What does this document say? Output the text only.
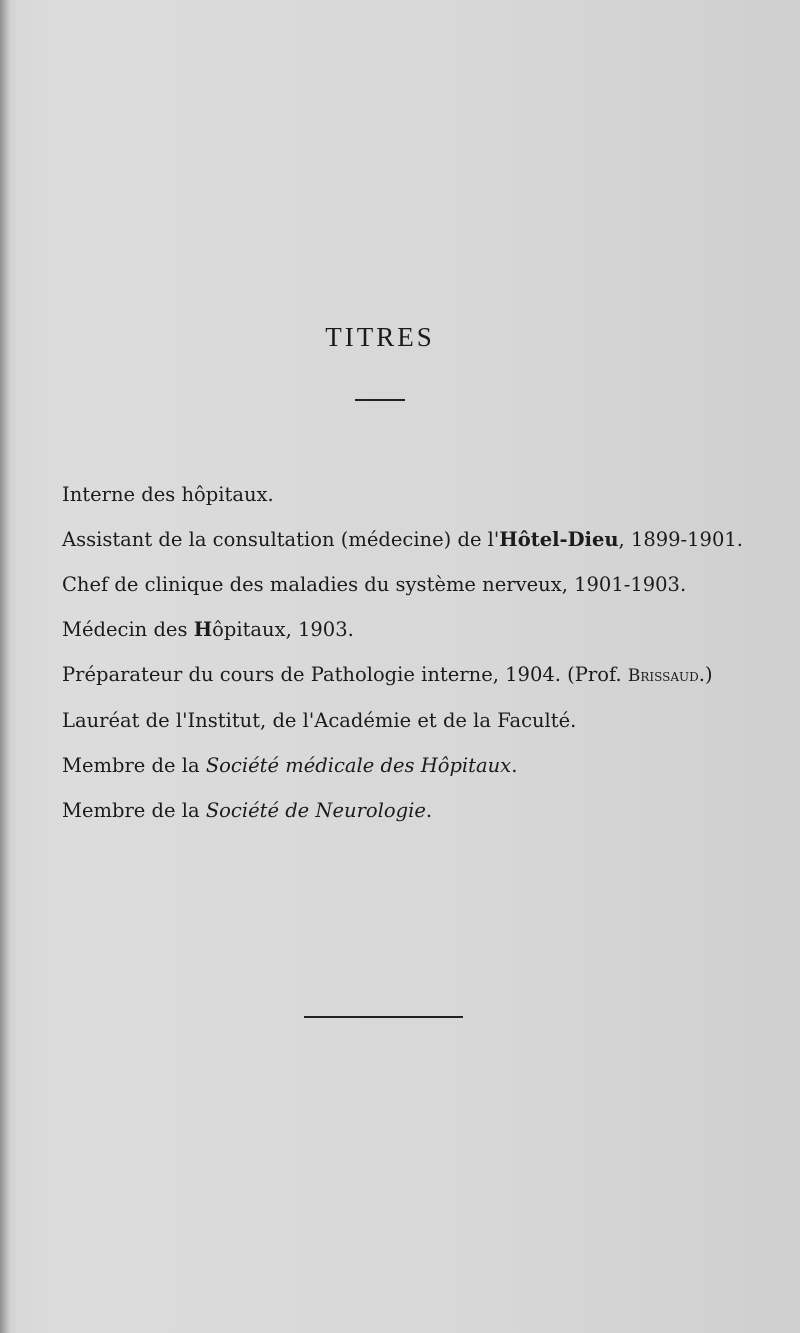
TITRES
Interne des hôpitaux.
Assistant de la consultation (médecine) de l'Hôtel-Dieu, 1899-1901.
Chef de clinique des maladies du système nerveux, 1901-1903.
Médecin des Hôpitaux, 1903.
Préparateur du cours de Pathologie interne, 1904. (Prof. Brissaud.)
Lauréat de l'Institut, de l'Académie et de la Faculté.
Membre de la Société médicale des Hôpitaux.
Membre de la Société de Neurologie.
